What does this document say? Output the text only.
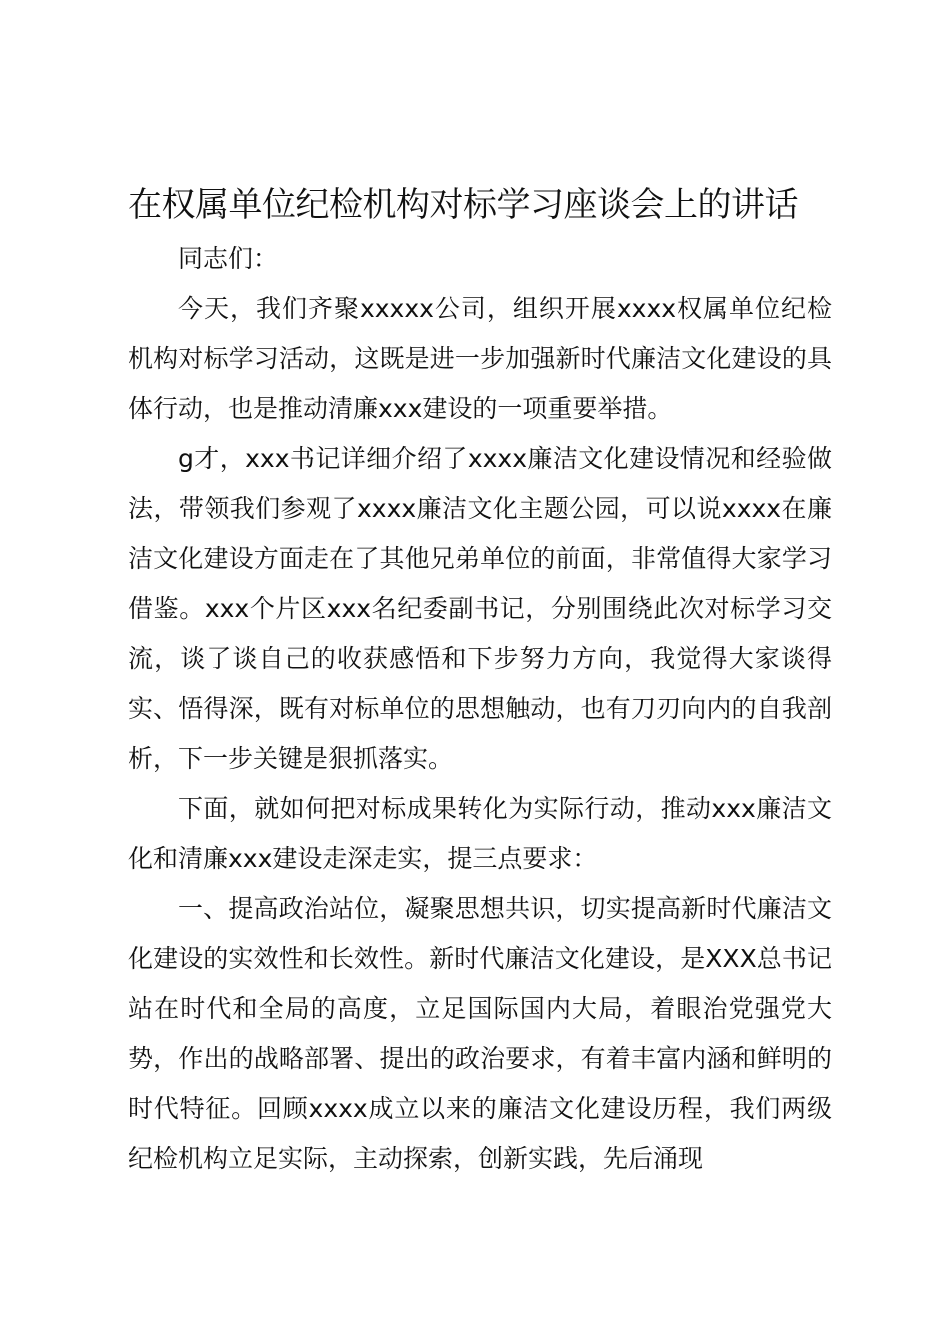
在权属单位纪检机构对标学习座谈会上的讲话

同志们：

今天，我们齐聚xxxxx公司，组织开展xxxx权属单位纪检机构对标学习活动，这既是进一步加强新时代廉洁文化建设的具体行动，也是推动清廉xxx建设的一项重要举措。

g才，xxx书记详细介绍了xxxx廉洁文化建设情况和经验做法，带领我们参观了xxxx廉洁文化主题公园，可以说xxxx在廉洁文化建设方面走在了其他兄弟单位的前面，非常值得大家学习借鉴。xxx个片区xxx名纪委副书记，分别围绕此次对标学习交流，谈了谈自己的收获感悟和下步努力方向，我觉得大家谈得实、悟得深，既有对标单位的思想触动，也有刀刃向内的自我剖析，下一步关键是狠抓落实。

下面，就如何把对标成果转化为实际行动，推动xxx廉洁文化和清廉xxx建设走深走实，提三点要求：

一、提高政治站位，凝聚思想共识，切实提高新时代廉洁文化建设的实效性和长效性。新时代廉洁文化建设，是XXX总书记站在时代和全局的高度，立足国际国内大局，着眼治党强党大势，作出的战略部署、提出的政治要求，有着丰富内涵和鲜明的时代特征。回顾xxxx成立以来的廉洁文化建设历程，我们两级纪检机构立足实际，主动探索，创新实践，先后涌现
